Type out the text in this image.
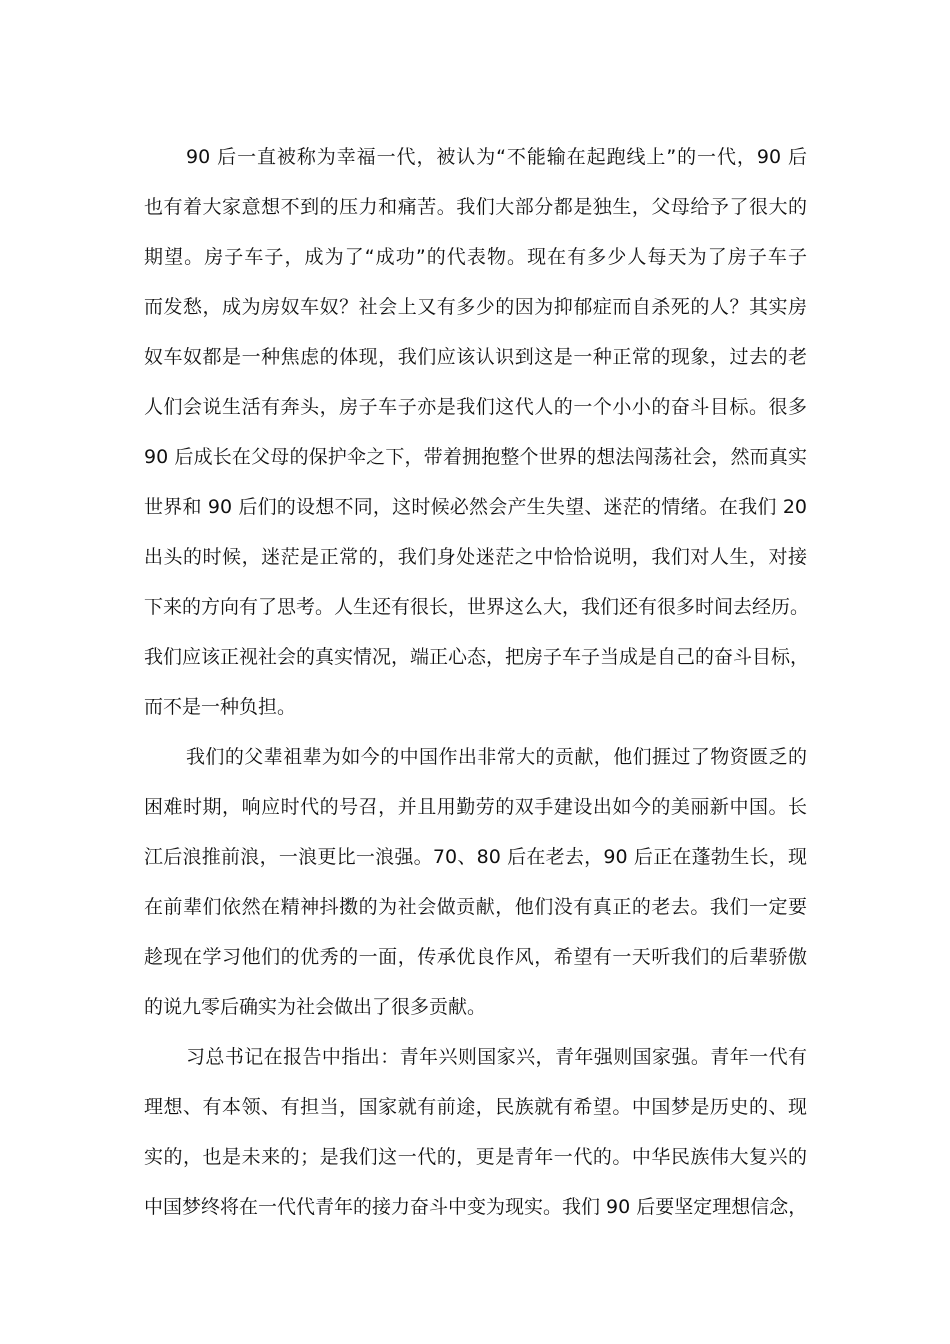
90 后一直被称为幸福一代，被认为“不能输在起跑线上”的一代，90 后
也有着大家意想不到的压力和痛苦。我们大部分都是独生，父母给予了很大的
期望。房子车子，成为了“成功”的代表物。现在有多少人每天为了房子车子
而发愁，成为房奴车奴？社会上又有多少的因为抑郁症而自杀死的人？其实房
奴车奴都是一种焦虑的体现，我们应该认识到这是一种正常的现象，过去的老
人们会说生活有奔头，房子车子亦是我们这代人的一个小小的奋斗目标。很多
90 后成长在父母的保护伞之下，带着拥抱整个世界的想法闯荡社会，然而真实
世界和 90 后们的设想不同，这时候必然会产生失望、迷茫的情绪。在我们 20
出头的时候，迷茫是正常的，我们身处迷茫之中恰恰说明，我们对人生，对接
下来的方向有了思考。人生还有很长，世界这么大，我们还有很多时间去经历。
我们应该正视社会的真实情况，端正心态，把房子车子当成是自己的奋斗目标，
而不是一种负担。
我们的父辈祖辈为如今的中国作出非常大的贡献，他们捱过了物资匮乏的
困难时期，响应时代的号召，并且用勤劳的双手建设出如今的美丽新中国。长
江后浪推前浪，一浪更比一浪强。70、80 后在老去，90 后正在蓬勃生长，现
在前辈们依然在精神抖擞的为社会做贡献，他们没有真正的老去。我们一定要
趁现在学习他们的优秀的一面，传承优良作风，希望有一天听我们的后辈骄傲
的说九零后确实为社会做出了很多贡献。
习总书记在报告中指出：青年兴则国家兴，青年强则国家强。青年一代有
理想、有本领、有担当，国家就有前途，民族就有希望。中国梦是历史的、现
实的，也是未来的；是我们这一代的，更是青年一代的。中华民族伟大复兴的
中国梦终将在一代代青年的接力奋斗中变为现实。我们 90 后要坚定理想信念，
